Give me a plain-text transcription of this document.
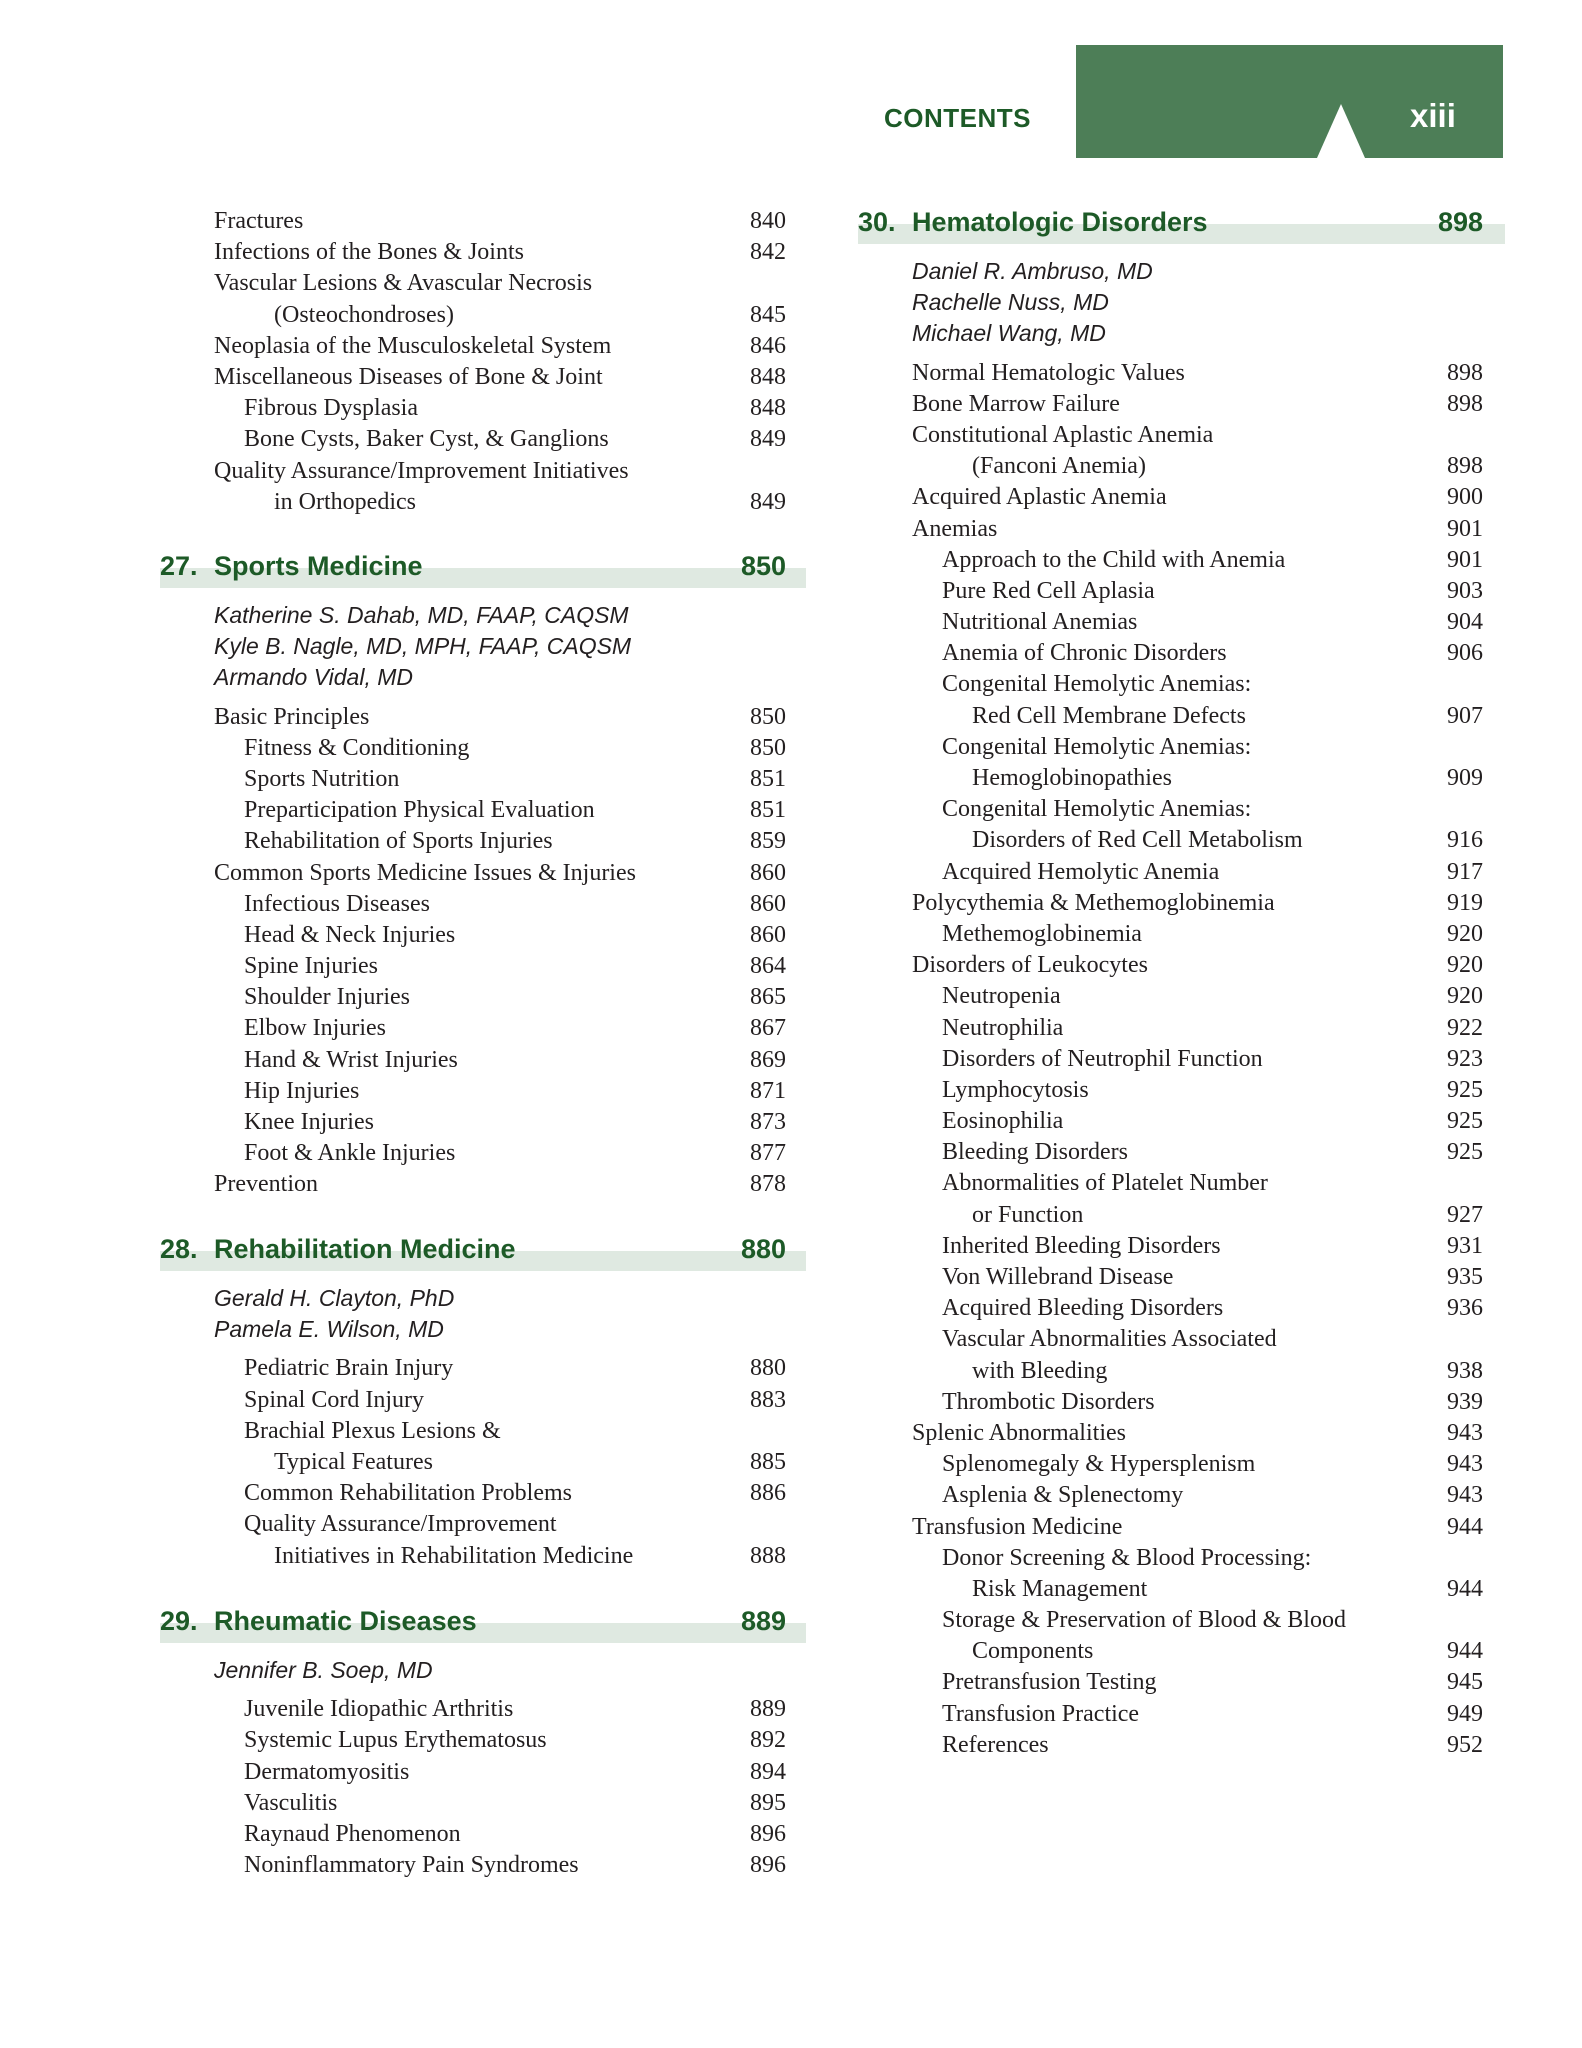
CONTENTS	xiii
Fractures	840
Infections of the Bones & Joints	842
Vascular Lesions & Avascular Necrosis
(Osteochondroses)	845
Neoplasia of the Musculoskeletal System	846
Miscellaneous Diseases of Bone & Joint	848
Fibrous Dysplasia	848
Bone Cysts, Baker Cyst, & Ganglions	849
Quality Assurance/Improvement Initiatives
in Orthopedics	849
27. Sports Medicine	850
Katherine S. Dahab, MD, FAAP, CAQSM
Kyle B. Nagle, MD, MPH, FAAP, CAQSM
Armando Vidal, MD
Basic Principles	850
Fitness & Conditioning	850
Sports Nutrition	851
Preparticipation Physical Evaluation	851
Rehabilitation of Sports Injuries	859
Common Sports Medicine Issues & Injuries	860
Infectious Diseases	860
Head & Neck Injuries	860
Spine Injuries	864
Shoulder Injuries	865
Elbow Injuries	867
Hand & Wrist Injuries	869
Hip Injuries	871
Knee Injuries	873
Foot & Ankle Injuries	877
Prevention	878
28. Rehabilitation Medicine	880
Gerald H. Clayton, PhD
Pamela E. Wilson, MD
Pediatric Brain Injury	880
Spinal Cord Injury	883
Brachial Plexus Lesions &
Typical Features	885
Common Rehabilitation Problems	886
Quality Assurance/Improvement
Initiatives in Rehabilitation Medicine	888
29. Rheumatic Diseases	889
Jennifer B. Soep, MD
Juvenile Idiopathic Arthritis	889
Systemic Lupus Erythematosus	892
Dermatomyositis	894
Vasculitis	895
Raynaud Phenomenon	896
Noninflammatory Pain Syndromes	896
30. Hematologic Disorders	898
Daniel R. Ambruso, MD
Rachelle Nuss, MD
Michael Wang, MD
Normal Hematologic Values	898
Bone Marrow Failure	898
Constitutional Aplastic Anemia
(Fanconi Anemia)	898
Acquired Aplastic Anemia	900
Anemias	901
Approach to the Child with Anemia	901
Pure Red Cell Aplasia	903
Nutritional Anemias	904
Anemia of Chronic Disorders	906
Congenital Hemolytic Anemias:
Red Cell Membrane Defects	907
Congenital Hemolytic Anemias:
Hemoglobinopathies	909
Congenital Hemolytic Anemias:
Disorders of Red Cell Metabolism	916
Acquired Hemolytic Anemia	917
Polycythemia & Methemoglobinemia	919
Methemoglobinemia	920
Disorders of Leukocytes	920
Neutropenia	920
Neutrophilia	922
Disorders of Neutrophil Function	923
Lymphocytosis	925
Eosinophilia	925
Bleeding Disorders	925
Abnormalities of Platelet Number
or Function	927
Inherited Bleeding Disorders	931
Von Willebrand Disease	935
Acquired Bleeding Disorders	936
Vascular Abnormalities Associated
with Bleeding	938
Thrombotic Disorders	939
Splenic Abnormalities	943
Splenomegaly & Hypersplenism	943
Asplenia & Splenectomy	943
Transfusion Medicine	944
Donor Screening & Blood Processing:
Risk Management	944
Storage & Preservation of Blood & Blood
Components	944
Pretransfusion Testing	945
Transfusion Practice	949
References	952
